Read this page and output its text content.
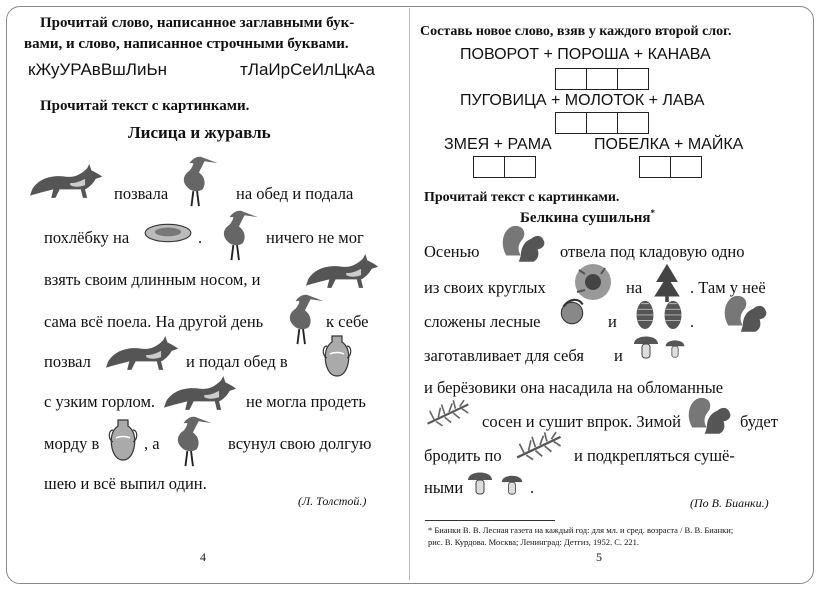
Прочитай слово, написанное заглавными бук-
вами, и слово, написанное строчными буквами.
кЖуУРАвВшЛиЬн	тЛаИрСеИлЦкАа
Прочитай текст с картинками.
Лисица и журавль
позвала	на обед и подала
похлёбку на	.	ничего не мог
взять своим длинным носом, и
сама всё поела. На другой день	к себе
позвал	и подал обед в
с узким горлом.	не могла продеть
морду в	, а	всунул свою долгую
шею и всё выпил один.
(Л. Толстой.)
4
Составь новое слово, взяв у каждого второй слог.
ПОВОРОТ + ПОРОША + КАНАВА
ПУГОВИЦА + МОЛОТОК + ЛАВА
ЗМЕЯ + РАМА	ПОБЕЛКА + МАЙКА
Прочитай текст с картинками.
Белкина сушильня*
Осенью	отвела под кладовую одно
из своих круглых	на	. Там у неё
сложены лесные	и	.
заготавливает для себя и
и берёзовики она насадила на обломанные
сосен и сушит впрок. Зимой	будет
бродить по	и подкрепляться сушё-
ными	.
(По В. Бианки.)
* Бианки В. В. Лесная газета на каждый год: для мл. и сред. возраста / В. В. Бианки;
рис. В. Курдова. Москва; Ленинград: Детгиз, 1952. С. 221.
5
